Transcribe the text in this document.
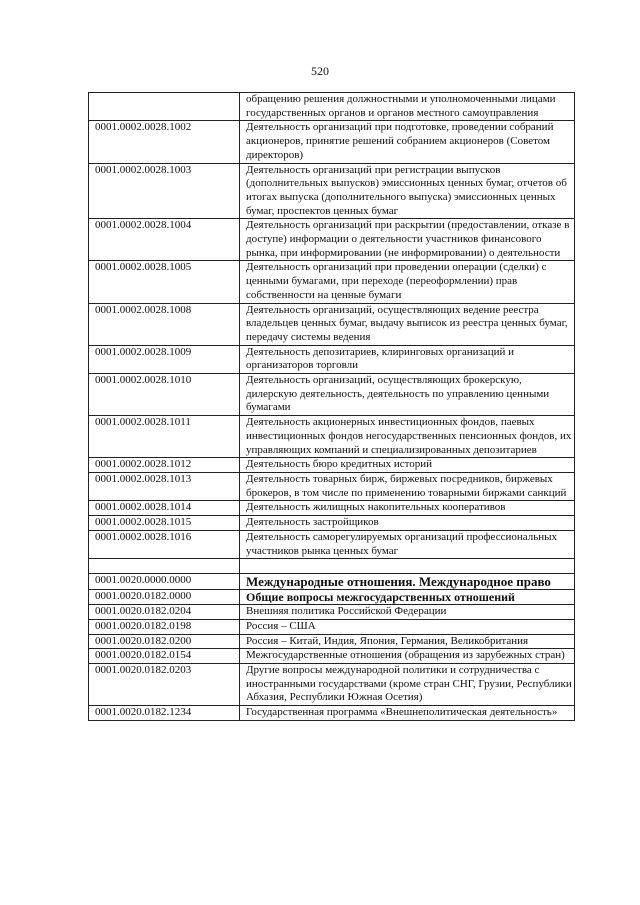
520
	обращению решения должностными и уполномоченными лицами государственных органов и органов местного самоуправления
0001.0002.0028.1002	Деятельность организаций при подготовке, проведении собраний акционеров, принятие решений собранием акционеров (Советом директоров)
0001.0002.0028.1003	Деятельность организаций при регистрации выпусков (дополнительных выпусков) эмиссионных ценных бумаг, отчетов об итогах выпуска (дополнительного выпуска) эмиссионных ценных бумаг, проспектов ценных бумаг
0001.0002.0028.1004	Деятельность организаций при раскрытии (предоставлении, отказе в доступе) информации о деятельности участников финансового рынка, при информировании (не информировании) о деятельности
0001.0002.0028.1005	Деятельность организаций при проведении операции (сделки) с ценными бумагами, при переходе (переоформлении) прав собственности на ценные бумаги
0001.0002.0028.1008	Деятельность организаций, осуществляющих ведение реестра владельцев ценных бумаг, выдачу выписок из реестра ценных бумаг, передачу системы ведения
0001.0002.0028.1009	Деятельность депозитариев, клиринговых организаций и организаторов торговли
0001.0002.0028.1010	Деятельность организаций, осуществляющих брокерскую, дилерскую деятельность, деятельность по управлению ценными бумагами
0001.0002.0028.1011	Деятельность акционерных инвестиционных фондов, паевых инвестиционных фондов негосударственных пенсионных фондов, их управляющих компаний и специализированных депозитариев
0001.0002.0028.1012	Деятельность бюро кредитных историй
0001.0002.0028.1013	Деятельность товарных бирж, биржевых посредников, биржевых брокеров, в том числе по применению товарными биржами санкций
0001.0002.0028.1014	Деятельность жилищных накопительных кооперативов
0001.0002.0028.1015	Деятельность застройщиков
0001.0002.0028.1016	Деятельность саморегулируемых организаций профессиональных участников рынка ценных бумаг

0001.0020.0000.0000	Международные отношения. Международное право
0001.0020.0182.0000	Общие вопросы межгосударственных отношений
0001.0020.0182.0204	Внешняя политика Российской Федерации
0001.0020.0182.0198	Россия – США
0001.0020.0182.0200	Россия – Китай, Индия, Япония, Германия, Великобритания
0001.0020.0182.0154	Межгосударственные отношения (обращения из зарубежных стран)
0001.0020.0182.0203	Другие вопросы международной политики и сотрудничества с иностранными государствами (кроме стран СНГ, Грузии, Республики Абхазия, Республики Южная Осетия)
0001.0020.0182.1234	Государственная программа «Внешнеполитическая деятельность»
